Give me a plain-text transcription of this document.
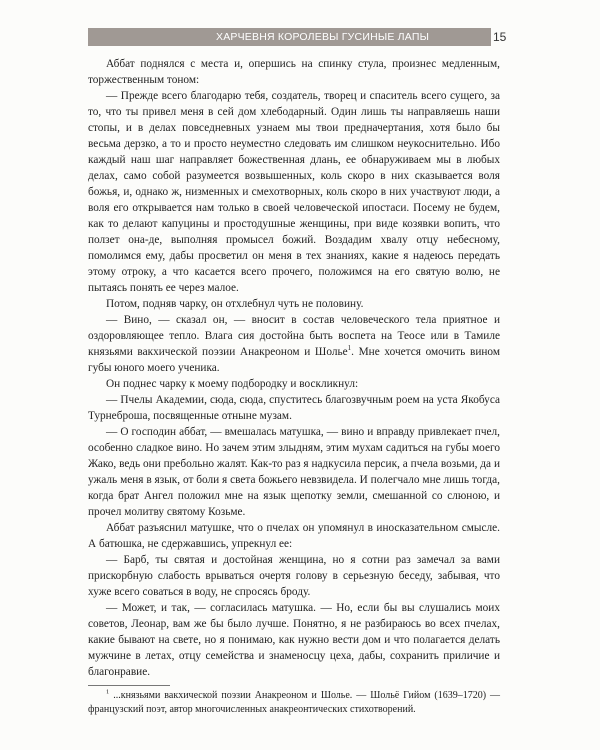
ХАРЧЕВНЯ КОРОЛЕВЫ ГУСИНЫЕ ЛАПЫ	15

Аббат поднялся с места и, опершись на спинку стула, произнес медленным, торжественным тоном:

— Прежде всего благодарю тебя, создатель, творец и спаситель всего сущего, за то, что ты привел меня в сей дом хлебодарный. Один лишь ты направляешь наши стопы, и в делах повседневных узнаем мы твои предначертания, хотя было бы весьма дерзко, а то и просто неуместно следовать им слишком неукоснительно. Ибо каждый наш шаг направляет божественная длань, ее обнаруживаем мы в любых делах, само собой разумеется возвышенных, коль скоро в них сказывается воля божья, и, однако ж, низменных и смехотворных, коль скоро в них участвуют люди, а воля его открывается нам только в своей человеческой ипостаси. Посему не будем, как то делают капуцины и простодушные женщины, при виде козявки вопить, что ползет она-де, выполняя промысел божий. Воздадим хвалу отцу небесному, помолимся ему, дабы просветил он меня в тех знаниях, какие я надеюсь передать этому отроку, а что касается всего прочего, положимся на его святую волю, не пытаясь понять ее через малое.

Потом, подняв чарку, он отхлебнул чуть не половину.

— Вино, — сказал он, — вносит в состав человеческого тела приятное и оздоровляющее тепло. Влага сия достойна быть воспета на Теосе или в Тамиле князьями вакхической поэзии Анакреоном и Шолье$^1$. Мне хочется омочить вином губы юного моего ученика.

Он поднес чарку к моему подбородку и воскликнул:

— Пчелы Академии, сюда, сюда, спуститесь благозвучным роем на уста Якобуса Турнеброша, посвященные отныне музам.

— О господин аббат, — вмешалась матушка, — вино и вправду привлекает пчел, особенно сладкое вино. Но зачем этим злыдням, этим мухам садиться на губы моего Жако, ведь они пребольно жалят. Как-то раз я надкусила персик, а пчела возьми, да и ужаль меня в язык, от боли я света божьего невзвидела. И полегчало мне лишь тогда, когда брат Ангел положил мне на язык щепотку земли, смешанной со слюною, и прочел молитву святому Козьме.

Аббат разъяснил матушке, что о пчелах он упомянул в иносказательном смысле. А батюшка, не сдержавшись, упрекнул ее:

— Барб, ты святая и достойная женщина, но я сотни раз замечал за вами прискорбную слабость врываться очертя голову в серьезную беседу, забывая, что хуже всего соваться в воду, не спросясь броду.

— Может, и так, — согласилась матушка. — Но, если бы вы слушались моих советов, Леонар, вам же бы было лучше. Понятно, я не разбираюсь во всех пчелах, какие бывают на свете, но я понимаю, как нужно вести дом и что полагается делать мужчине в летах, отцу семейства и знаменосцу цеха, дабы, сохранить приличие и благонравие.

$^1$ ...князьями вакхической поэзии Анакреоном и Шолье. — Шольё Гийом (1639–1720) — французский поэт, автор многочисленных анакреонтических стихотворений.
